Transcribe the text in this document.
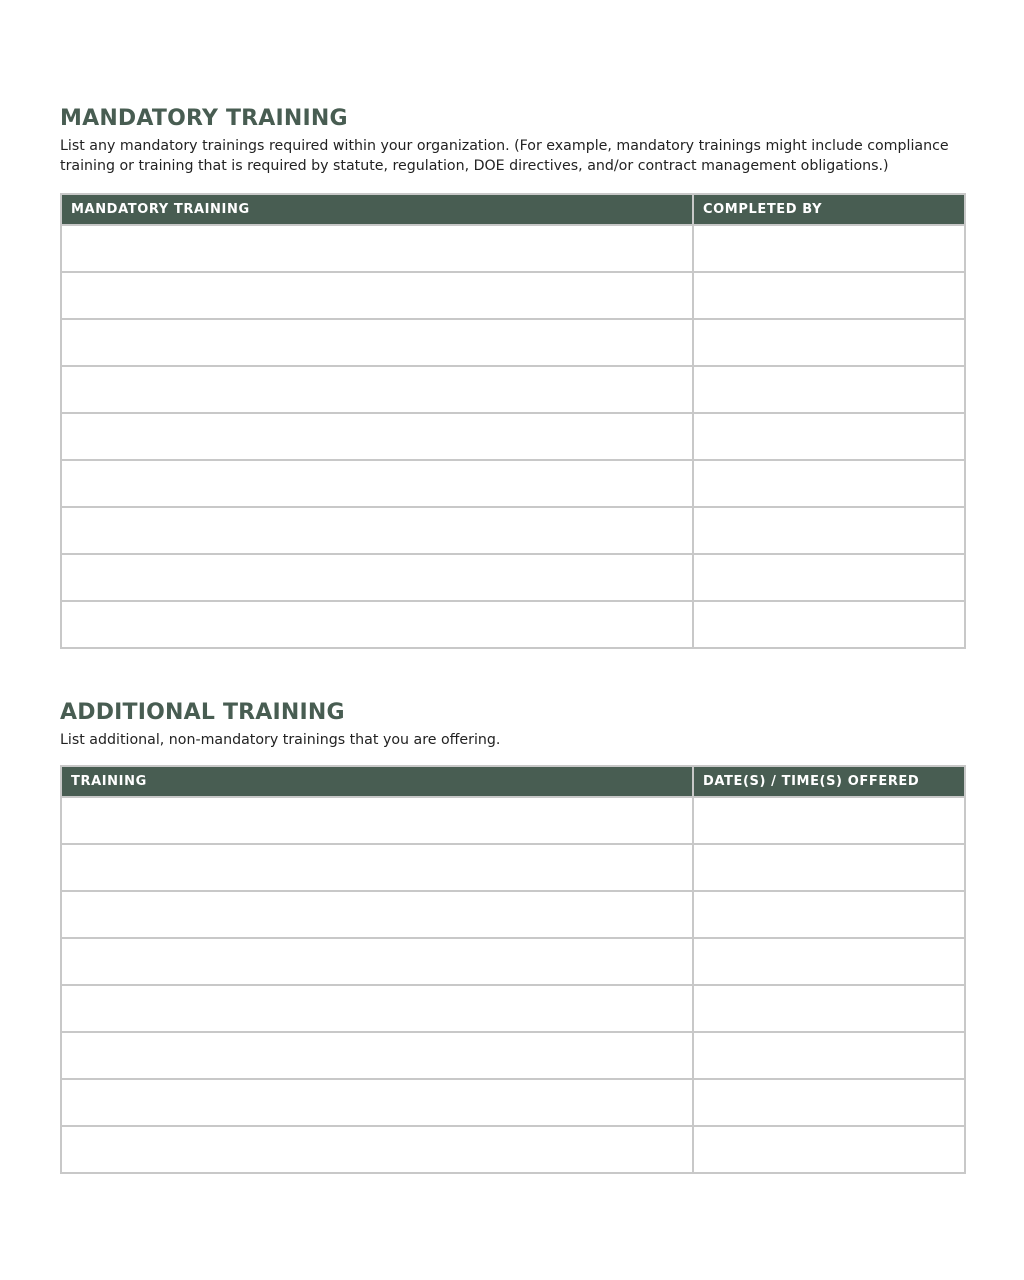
MANDATORY TRAINING

List any mandatory trainings required within your organization. (For example, mandatory trainings might include compliance training or training that is required by statute, regulation, DOE directives, and/or contract management obligations.)

MANDATORY TRAINING	COMPLETED BY

ADDITIONAL TRAINING

List additional, non-mandatory trainings that you are offering.

TRAINING	DATE(S) / TIME(S) OFFERED
